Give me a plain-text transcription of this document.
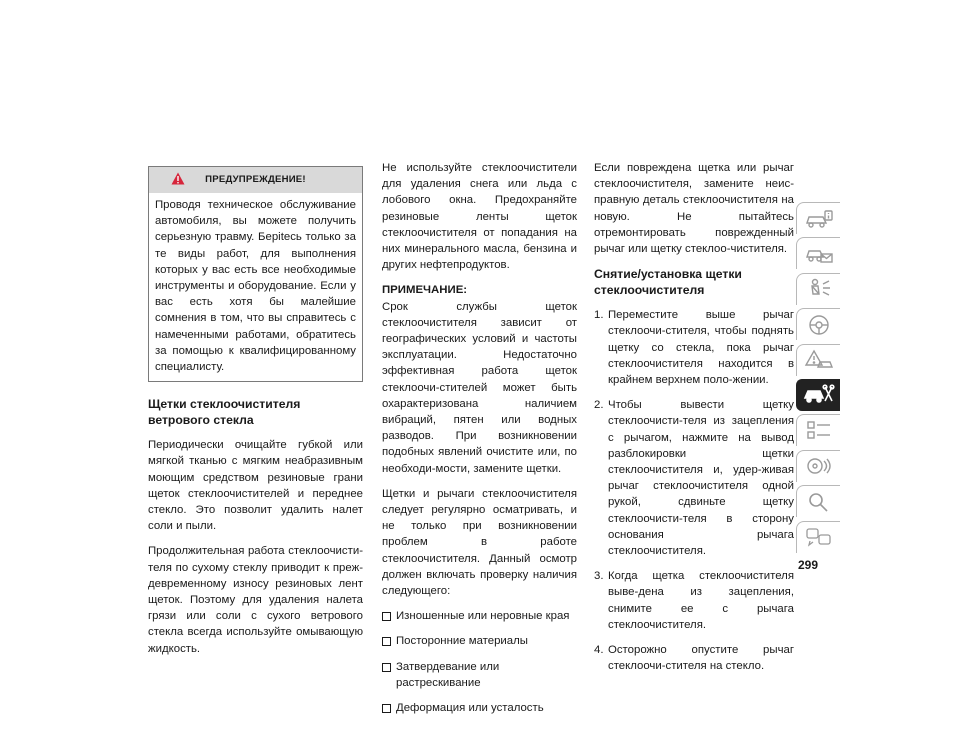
ПРЕДУПРЕЖДЕНИЕ!
Проводя техническое обслуживание автомобиля, вы можете получить серьезную травму. Берitесь только за те виды работ, для выполнения которых у вас есть все необходимые инструменты и оборудование. Если у вас есть хотя бы малейшие сомнения в том, что вы справитесь с намеченными работами, обратитесь за помощью к квалифицированному специалисту.
Щетки стеклоочистителя ветрового стекла

Периодически очищайте губкой или мягкой тканью с мягким неабразивным моющим средством резиновые грани щеток стеклоочистителей и переднее стекло. Это позволит удалить налет соли и пыли.

Продолжительная работа стеклоочисти-теля по сухому стеклу приводит к преж-девременному износу резиновых лент щеток. Поэтому для удаления налета грязи или соли с сухого ветрового стекла всегда используйте омывающую жидкость.

Не используйте стеклоочистители для удаления снега или льда с лобового окна. Предохраняйте резиновые ленты щеток стеклоочистителя от попадания на них минерального масла, бензина и других нефтепродуктов.

ПРИМЕЧАНИЕ:
Срок службы щеток стеклоочистителя зависит от географических условий и частоты эксплуатации. Недостаточно эффективная работа щеток стеклоочи-стителей может быть охарактеризована наличием вибраций, пятен или водных разводов. При возникновении подобных явлений очистите или, по необходи-мости, замените щетки.

Щетки и рычаги стеклоочистителя следует регулярно осматривать, и не только при возникновении проблем в работе стеклоочистителя. Данный осмотр должен включать проверку наличия следующего:

Изношенные или неровные края
Посторонние материалы
Затвердевание или растрескивание
Деформация или усталость

Если повреждена щетка или рычаг стеклоочистителя, замените неис-правную деталь стеклоочистителя на новую. Не пытайтесь отремонтировать поврежденный рычаг или щетку стеклоо-чистителя.

Снятие/установка щетки стеклоочистителя
1. Переместите выше рычаг стеклоочи-стителя, чтобы поднять щетку со стекла, пока рычаг стеклоочистителя находится в крайнем верхнем поло-жении.
2. Чтобы вывести щетку стеклоочисти-теля из зацепления с рычагом, нажмите на вывод разблокировки щетки стеклоочистителя и, удер-живая рычаг стеклоочистителя одной рукой, сдвиньте щетку стеклоочисти-теля в сторону основания рычага стеклоочистителя.
3. Когда щетка стеклоочистителя выве-дена из зацепления, снимите ее с рычага стеклоочистителя.
4. Осторожно опустите рычаг стеклоочи-стителя на стекло.
299
